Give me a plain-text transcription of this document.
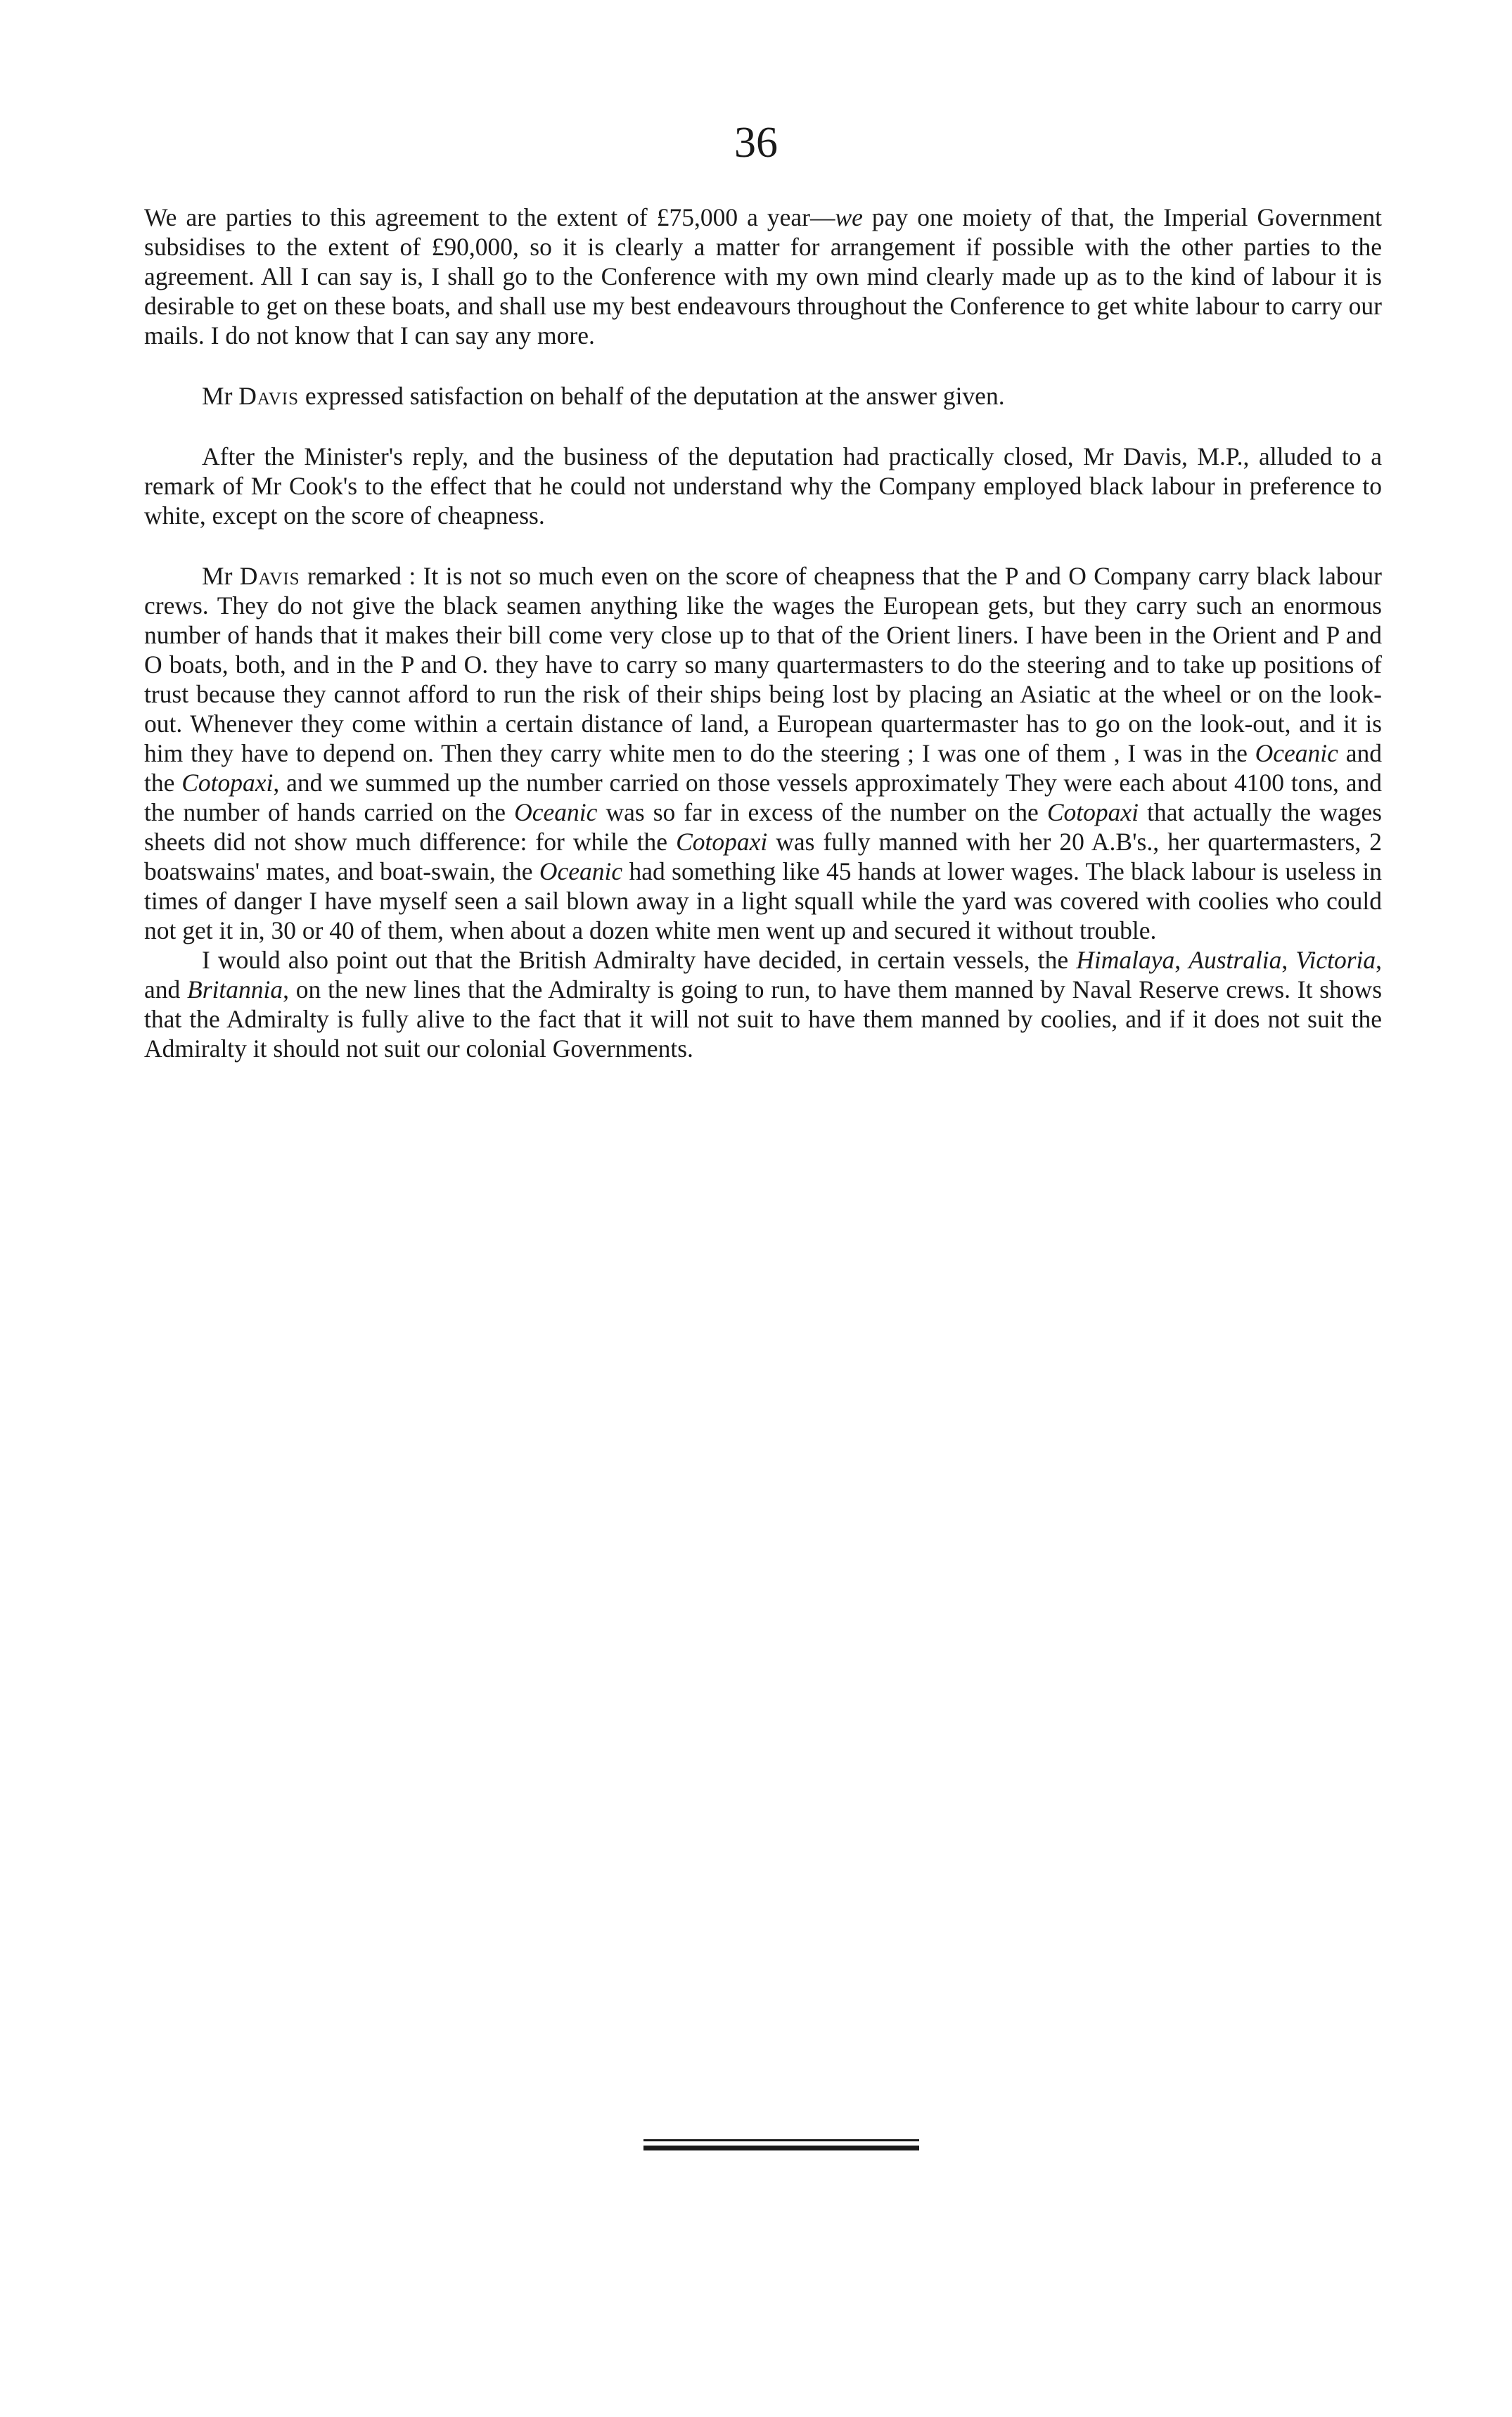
36

We are parties to this agreement to the extent of £75,000 a year—we pay one moiety of that, the Imperial Government subsidises to the extent of £90,000, so it is clearly a matter for arrangement if possible with the other parties to the agreement. All I can say is, I shall go to the Conference with my own mind clearly made up as to the kind of labour it is desirable to get on these boats, and shall use my best endeavours throughout the Conference to get white labour to carry our mails. I do not know that I can say any more.

Mr Davis expressed satisfaction on behalf of the deputation at the answer given.

After the Minister's reply, and the business of the deputation had practically closed, Mr Davis, M.P., alluded to a remark of Mr Cook's to the effect that he could not understand why the Company employed black labour in preference to white, except on the score of cheapness.

Mr Davis remarked : It is not so much even on the score of cheapness that the P and O Company carry black labour crews. They do not give the black seamen anything like the wages the European gets, but they carry such an enormous number of hands that it makes their bill come very close up to that of the Orient liners. I have been in the Orient and P and O boats, both, and in the P and O. they have to carry so many quartermasters to do the steering and to take up positions of trust because they cannot afford to run the risk of their ships being lost by placing an Asiatic at the wheel or on the look-out. Whenever they come within a certain distance of land, a European quartermaster has to go on the look-out, and it is him they have to depend on. Then they carry white men to do the steering ; I was one of them , I was in the Oceanic and the Cotopaxi, and we summed up the number carried on those vessels approximately They were each about 4100 tons, and the number of hands carried on the Oceanic was so far in excess of the number on the Cotopaxi that actually the wages sheets did not show much difference: for while the Cotopaxi was fully manned with her 20 A.B's., her quartermasters, 2 boatswains' mates, and boat-swain, the Oceanic had something like 45 hands at lower wages. The black labour is useless in times of danger I have myself seen a sail blown away in a light squall while the yard was covered with coolies who could not get it in, 30 or 40 of them, when about a dozen white men went up and secured it without trouble.

I would also point out that the British Admiralty have decided, in certain vessels, the Himalaya, Australia, Victoria, and Britannia, on the new lines that the Admiralty is going to run, to have them manned by Naval Reserve crews. It shows that the Admiralty is fully alive to the fact that it will not suit to have them manned by coolies, and if it does not suit the Admiralty it should not suit our colonial Governments.
